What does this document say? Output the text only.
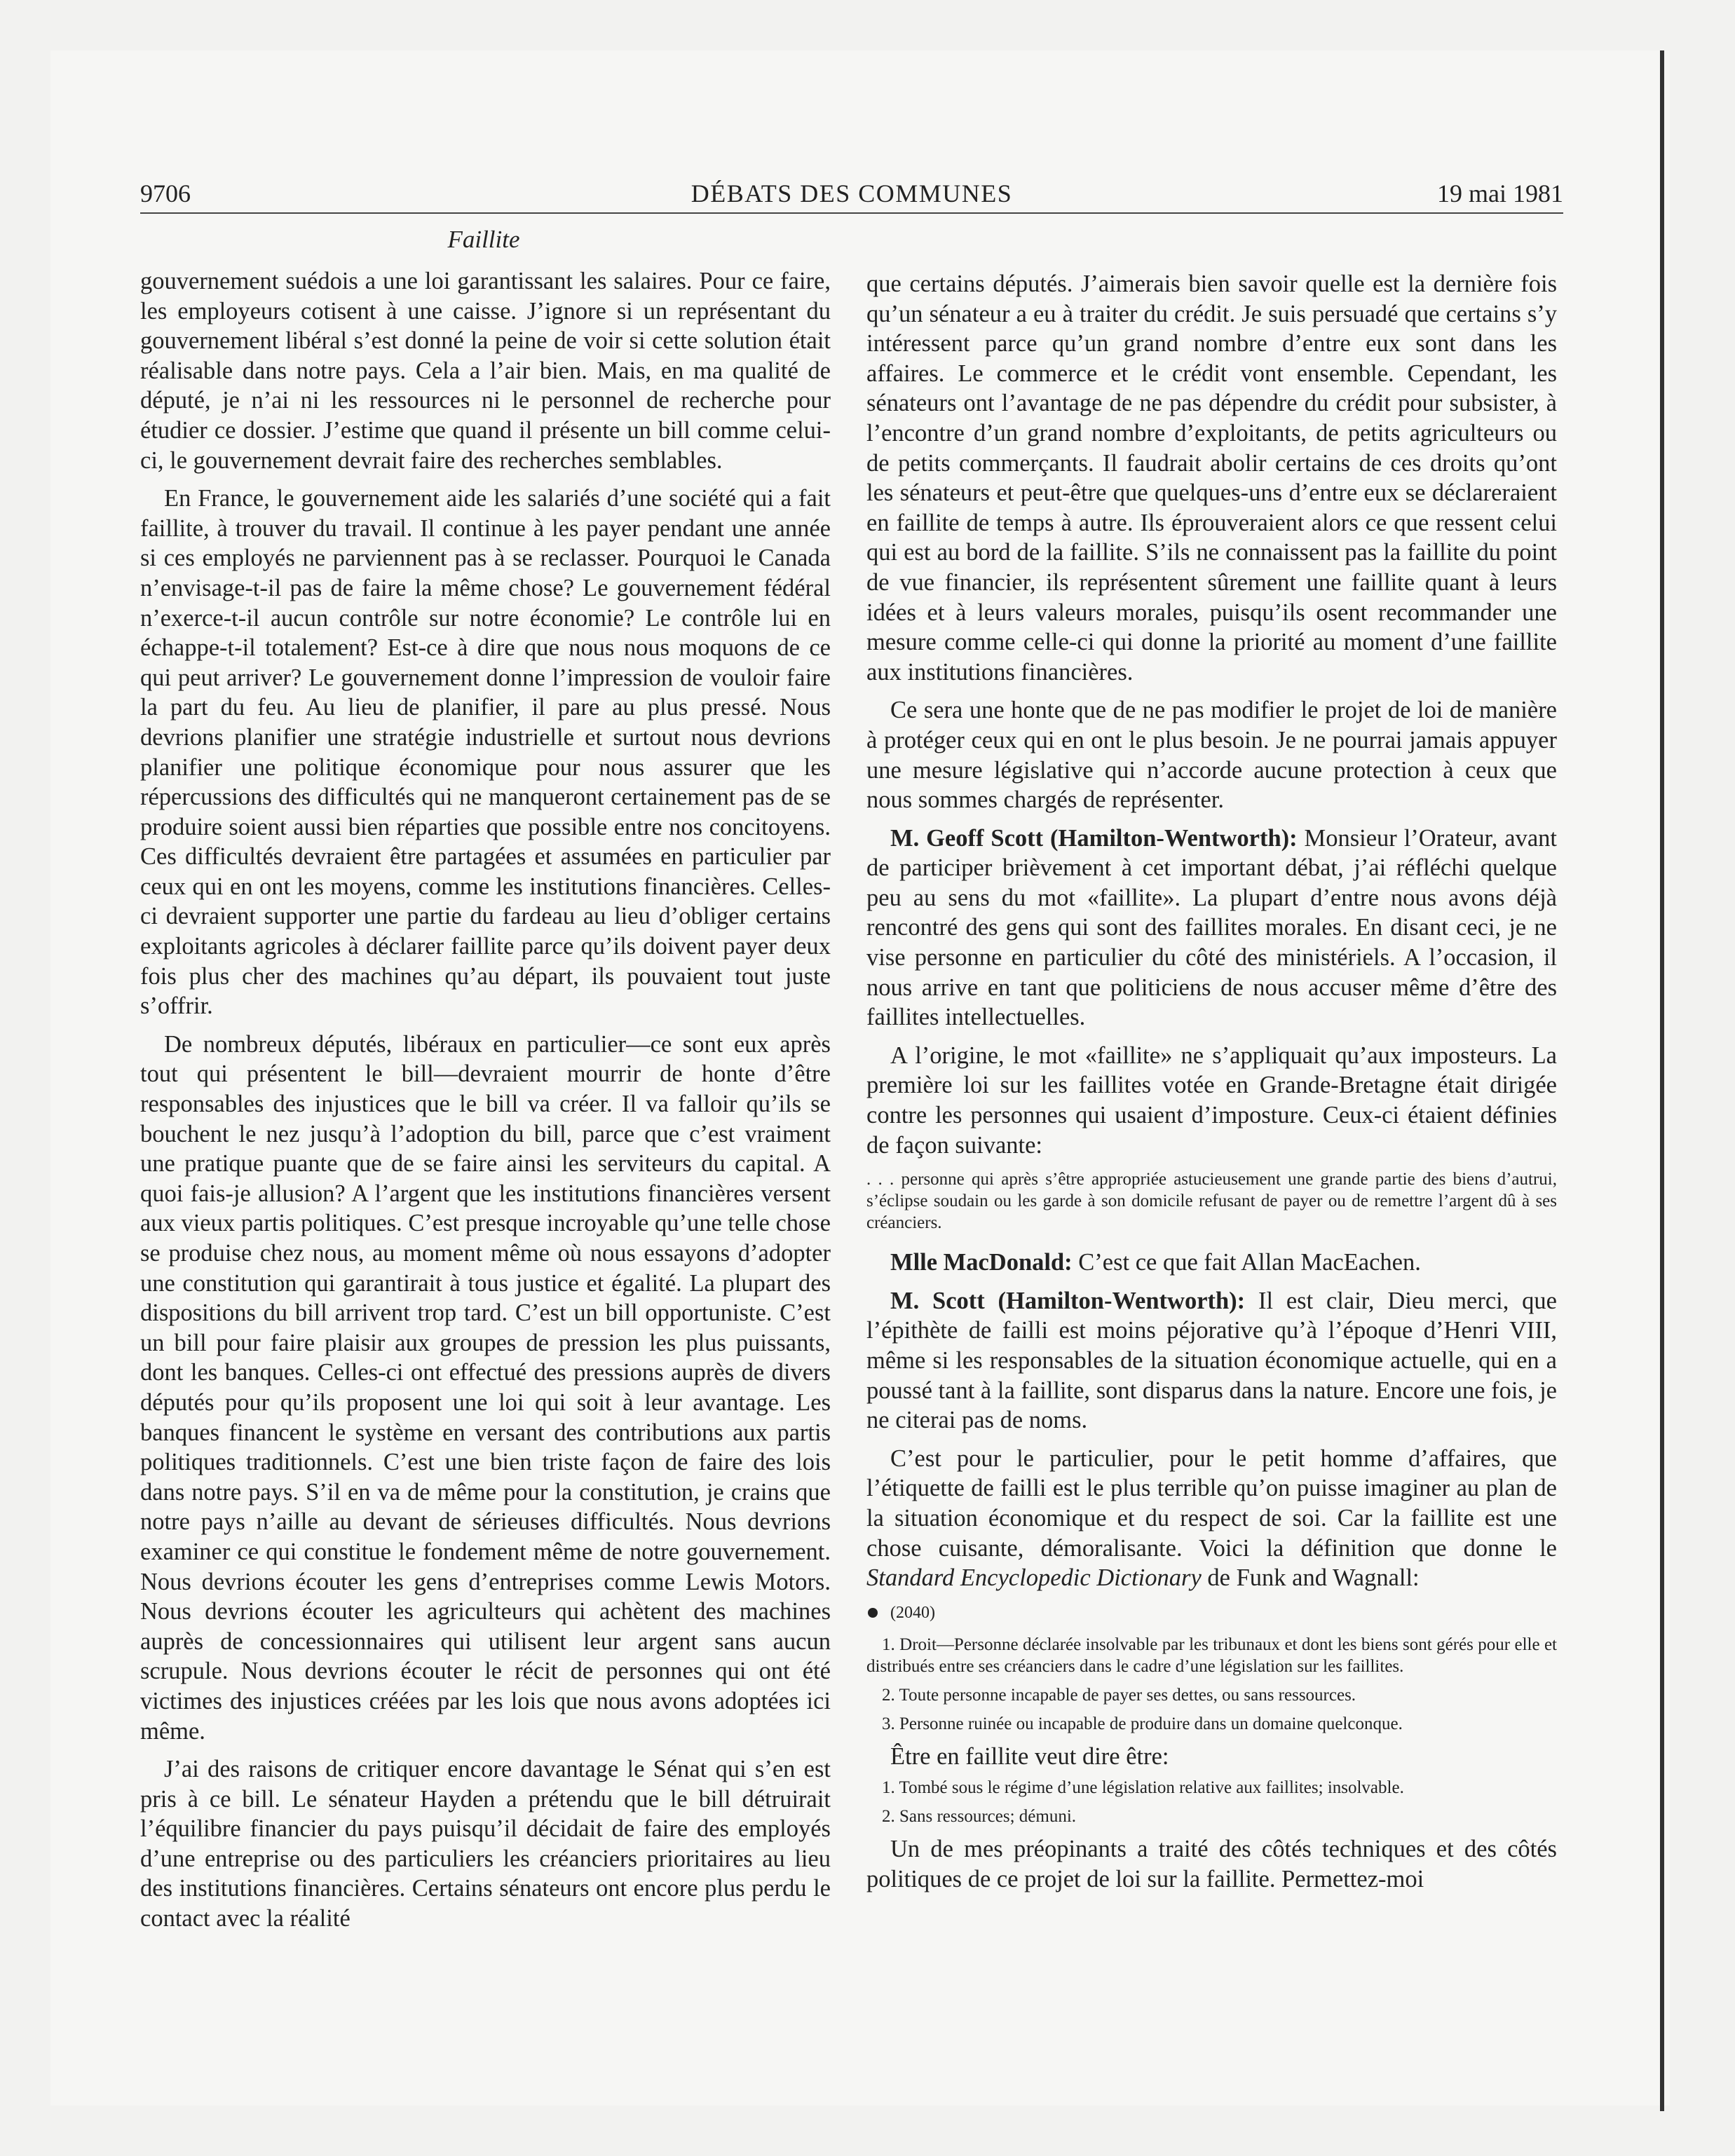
9706	DÉBATS DES COMMUNES	19 mai 1981
Faillite

gouvernement suédois a une loi garantissant les salaires. Pour ce faire, les employeurs cotisent à une caisse. J’ignore si un représentant du gouvernement libéral s’est donné la peine de voir si cette solution était réalisable dans notre pays. Cela a l’air bien. Mais, en ma qualité de député, je n’ai ni les ressources ni le personnel de recherche pour étudier ce dossier. J’estime que quand il présente un bill comme celui-ci, le gouvernement devrait faire des recherches semblables.

En France, le gouvernement aide les salariés d’une société qui a fait faillite, à trouver du travail. Il continue à les payer pendant une année si ces employés ne parviennent pas à se reclasser. Pourquoi le Canada n’envisage-t-il pas de faire la même chose? Le gouvernement fédéral n’exerce-t-il aucun contrôle sur notre économie? Le contrôle lui en échappe-t-il totalement? Est-ce à dire que nous nous moquons de ce qui peut arriver? Le gouvernement donne l’impression de vouloir faire la part du feu. Au lieu de planifier, il pare au plus pressé. Nous devrions planifier une stratégie industrielle et surtout nous devrions planifier une politique économique pour nous assurer que les répercussions des difficultés qui ne manqueront certainement pas de se produire soient aussi bien réparties que possible entre nos concitoyens. Ces difficultés devraient être partagées et assumées en particulier par ceux qui en ont les moyens, comme les institutions financières. Celles-ci devraient supporter une partie du fardeau au lieu d’obliger certains exploitants agricoles à déclarer faillite parce qu’ils doivent payer deux fois plus cher des machines qu’au départ, ils pouvaient tout juste s’offrir.

De nombreux députés, libéraux en particulier—ce sont eux après tout qui présentent le bill—devraient mourrir de honte d’être responsables des injustices que le bill va créer. Il va falloir qu’ils se bouchent le nez jusqu’à l’adoption du bill, parce que c’est vraiment une pratique puante que de se faire ainsi les serviteurs du capital. A quoi fais-je allusion? A l’argent que les institutions financières versent aux vieux partis politiques. C’est presque incroyable qu’une telle chose se produise chez nous, au moment même où nous essayons d’adopter une constitution qui garantirait à tous justice et égalité. La plupart des dispositions du bill arrivent trop tard. C’est un bill opportuniste. C’est un bill pour faire plaisir aux groupes de pression les plus puissants, dont les banques. Celles-ci ont effectué des pressions auprès de divers députés pour qu’ils proposent une loi qui soit à leur avantage. Les banques financent le système en versant des contributions aux partis politiques traditionnels. C’est une bien triste façon de faire des lois dans notre pays. S’il en va de même pour la constitution, je crains que notre pays n’aille au devant de sérieuses difficultés. Nous devrions examiner ce qui constitue le fondement même de notre gouvernement. Nous devrions écouter les gens d’entreprises comme Lewis Motors. Nous devrions écouter les agriculteurs qui achètent des machines auprès de concessionnaires qui utilisent leur argent sans aucun scrupule. Nous devrions écouter le récit de personnes qui ont été victimes des injustices créées par les lois que nous avons adoptées ici même.

J’ai des raisons de critiquer encore davantage le Sénat qui s’en est pris à ce bill. Le sénateur Hayden a prétendu que le bill détruirait l’équilibre financier du pays puisqu’il décidait de faire des employés d’une entreprise ou des particuliers les créanciers prioritaires au lieu des institutions financières. Certains sénateurs ont encore plus perdu le contact avec la réalité

que certains députés. J’aimerais bien savoir quelle est la dernière fois qu’un sénateur a eu à traiter du crédit. Je suis persuadé que certains s’y intéressent parce qu’un grand nombre d’entre eux sont dans les affaires. Le commerce et le crédit vont ensemble. Cependant, les sénateurs ont l’avantage de ne pas dépendre du crédit pour subsister, à l’encontre d’un grand nombre d’exploitants, de petits agriculteurs ou de petits commerçants. Il faudrait abolir certains de ces droits qu’ont les sénateurs et peut-être que quelques-uns d’entre eux se déclareraient en faillite de temps à autre. Ils éprouveraient alors ce que ressent celui qui est au bord de la faillite. S’ils ne connaissent pas la faillite du point de vue financier, ils représentent sûrement une faillite quant à leurs idées et à leurs valeurs morales, puisqu’ils osent recommander une mesure comme celle-ci qui donne la priorité au moment d’une faillite aux institutions financières.

Ce sera une honte que de ne pas modifier le projet de loi de manière à protéger ceux qui en ont le plus besoin. Je ne pourrai jamais appuyer une mesure législative qui n’accorde aucune protection à ceux que nous sommes chargés de représenter.

M. Geoff Scott (Hamilton-Wentworth): Monsieur l’Orateur, avant de participer brièvement à cet important débat, j’ai réfléchi quelque peu au sens du mot «faillite». La plupart d’entre nous avons déjà rencontré des gens qui sont des faillites morales. En disant ceci, je ne vise personne en particulier du côté des ministériels. A l’occasion, il nous arrive en tant que politiciens de nous accuser même d’être des faillites intellectuelles.

A l’origine, le mot «faillite» ne s’appliquait qu’aux imposteurs. La première loi sur les faillites votée en Grande-Bretagne était dirigée contre les personnes qui usaient d’imposture. Ceux-ci étaient définies de façon suivante:

. . . personne qui après s’être appropriée astucieusement une grande partie des biens d’autrui, s’éclipse soudain ou les garde à son domicile refusant de payer ou de remettre l’argent dû à ses créanciers.

Mlle MacDonald: C’est ce que fait Allan MacEachen.

M. Scott (Hamilton-Wentworth): Il est clair, Dieu merci, que l’épithète de failli est moins péjorative qu’à l’époque d’Henri VIII, même si les responsables de la situation économique actuelle, qui en a poussé tant à la faillite, sont disparus dans la nature. Encore une fois, je ne citerai pas de noms.

C’est pour le particulier, pour le petit homme d’affaires, que l’étiquette de failli est le plus terrible qu’on puisse imaginer au plan de la situation économique et du respect de soi. Car la faillite est une chose cuisante, démoralisante. Voici la définition que donne le Standard Encyclopedic Dictionary de Funk and Wagnall:

(2040)
1. Droit—Personne déclarée insolvable par les tribunaux et dont les biens sont gérés pour elle et distribués entre ses créanciers dans le cadre d’une législation sur les faillites.
2. Toute personne incapable de payer ses dettes, ou sans ressources.
3. Personne ruinée ou incapable de produire dans un domaine quelconque.
Être en faillite veut dire être:
1. Tombé sous le régime d’une législation relative aux faillites; insolvable.
2. Sans ressources; démuni.

Un de mes préopinants a traité des côtés techniques et des côtés politiques de ce projet de loi sur la faillite. Permettez-moi
